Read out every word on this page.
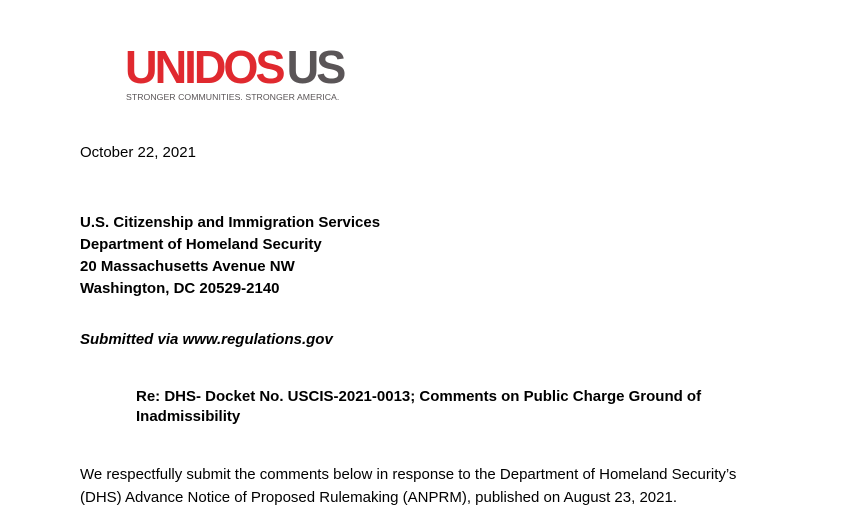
UNIDOSUS
STRONGER COMMUNITIES. STRONGER AMERICA.
October 22, 2021
U.S. Citizenship and Immigration Services
Department of Homeland Security
20 Massachusetts Avenue NW
Washington, DC 20529-2140
Submitted via www.regulations.gov
Re: DHS- Docket No. USCIS-2021-0013; Comments on Public Charge Ground of
Inadmissibility
We respectfully submit the comments below in response to the Department of Homeland Security’s
(DHS) Advance Notice of Proposed Rulemaking (ANPRM), published on August 23, 2021.
